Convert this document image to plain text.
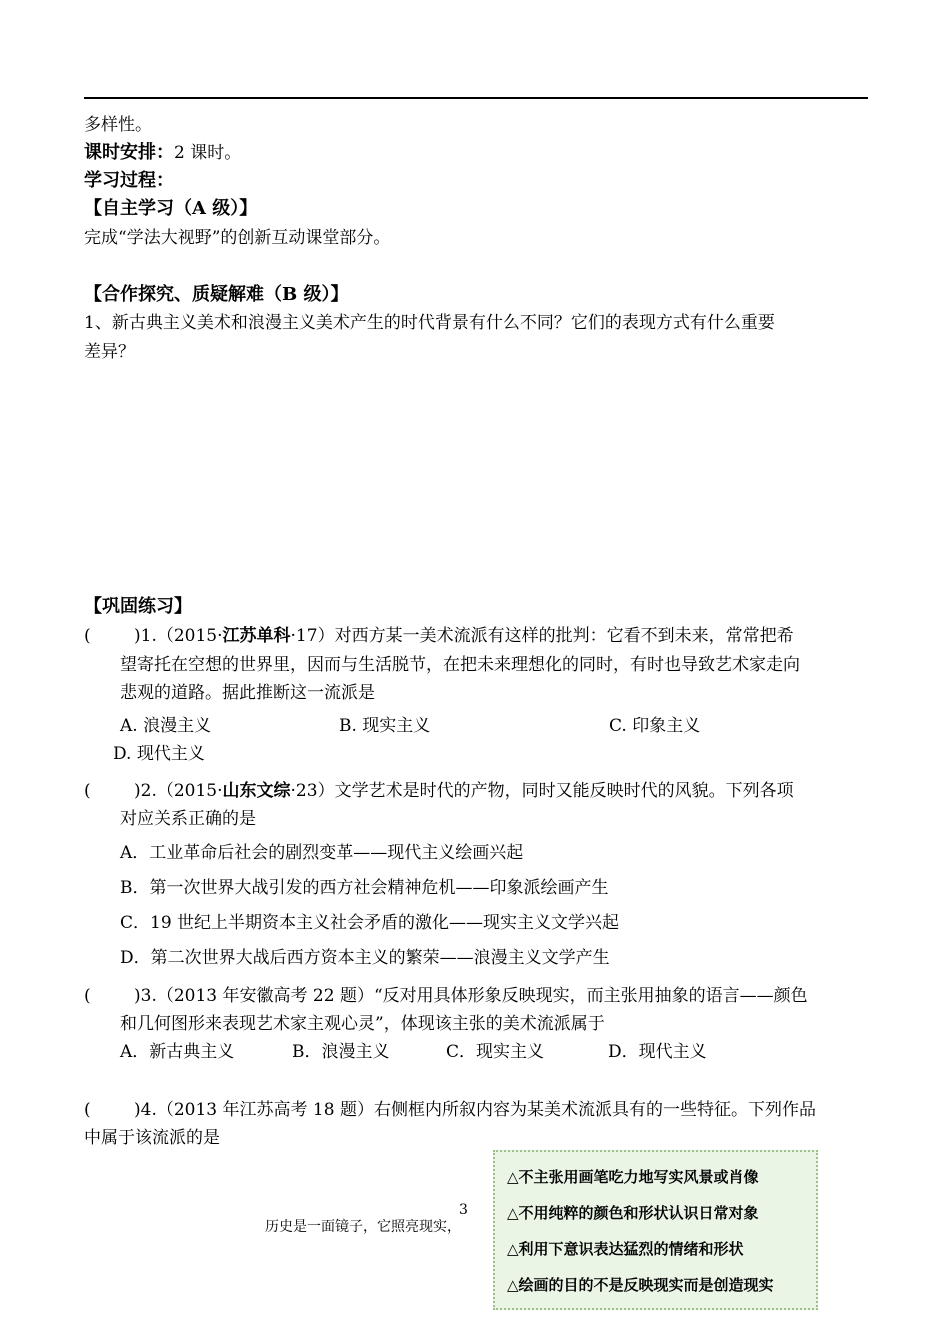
多样性。
课时安排：2 课时。
学习过程：
【自主学习（A 级）】
完成“学法大视野”的创新互动课堂部分。
【合作探究、质疑解难（B 级）】
1、新古典主义美术和浪漫主义美术产生的时代背景有什么不同？它们的表现方式有什么重要
差异？
【巩固练习】
(	)1.（2015·江苏单科·17）对西方某一美术流派有这样的批判：它看不到未来，常常把希
望寄托在空想的世界里，因而与生活脱节，在把未来理想化的同时，有时也导致艺术家走向
悲观的道路。据此推断这一流派是
A. 浪漫主义	B. 现实主义	C. 印象主义
D. 现代主义
(	)2.（2015·山东文综·23）文学艺术是时代的产物，同时又能反映时代的风貌。下列各项
对应关系正确的是
A．工业革命后社会的剧烈变革——现代主义绘画兴起
B．第一次世界大战引发的西方社会精神危机——印象派绘画产生
C．19 世纪上半期资本主义社会矛盾的激化——现实主义文学兴起
D．第二次世界大战后西方资本主义的繁荣——浪漫主义文学产生
(	)3.（2013 年安徽高考 22 题）“反对用具体形象反映现实，而主张用抽象的语言——颜色
和几何图形来表现艺术家主观心灵”，体现该主张的美术流派属于
A．新古典主义	B．浪漫主义	C．现实主义	D．现代主义
(	)4.（2013 年江苏高考 18 题）右侧框内所叙内容为某美术流派具有的一些特征。下列作品
中属于该流派的是
△不主张用画笔吃力地写实风景或肖像
△不用纯粹的颜色和形状认识日常对象
△利用下意识表达猛烈的情绪和形状
△绘画的目的不是反映现实而是创造现实
3
历史是一面镜子，它照亮现实，
